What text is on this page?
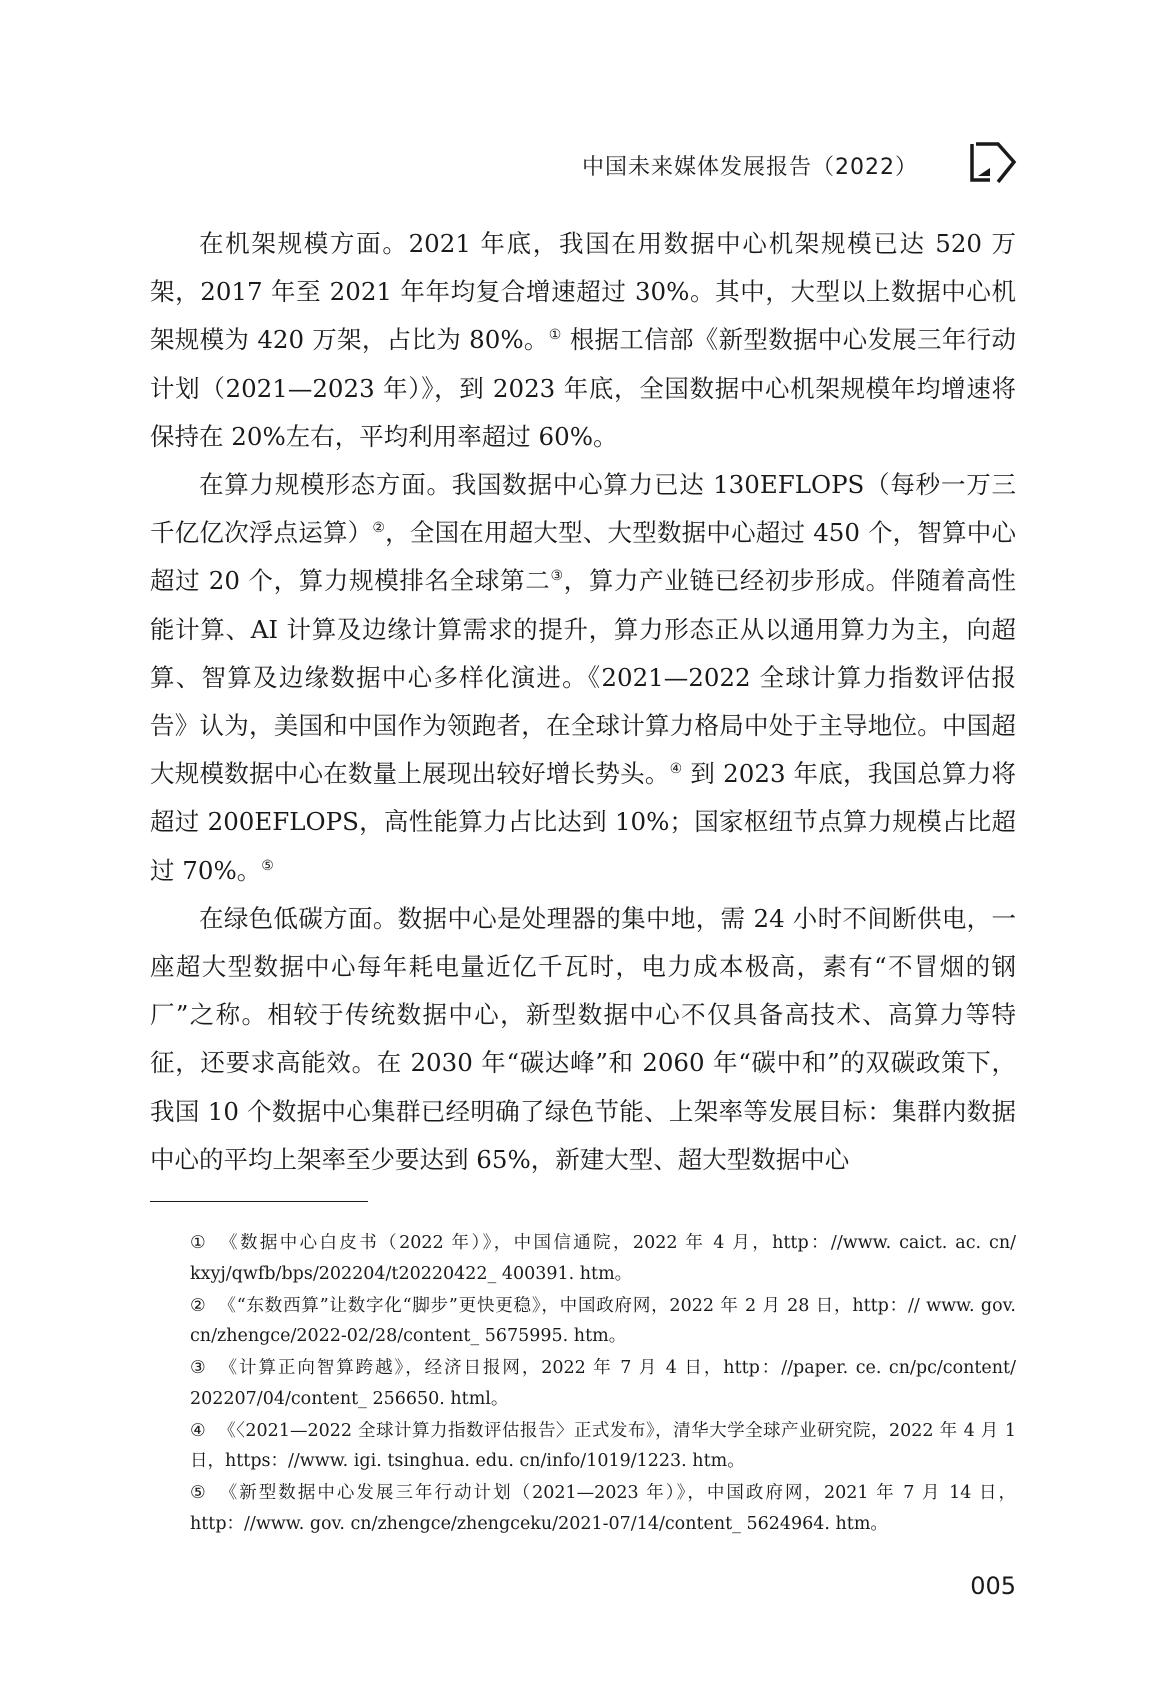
中国未来媒体发展报告（2022）

在机架规模方面。2021 年底，我国在用数据中心机架规模已达 520 万架，2017 年至 2021 年年均复合增速超过 30%。其中，大型以上数据中心机架规模为 420 万架，占比为 80%。① 根据工信部《新型数据中心发展三年行动计划（2021—2023 年）》，到 2023 年底，全国数据中心机架规模年均增速将保持在 20%左右，平均利用率超过 60%。

在算力规模形态方面。我国数据中心算力已达 130EFLOPS（每秒一万三千亿亿次浮点运算）②，全国在用超大型、大型数据中心超过 450 个，智算中心超过 20 个，算力规模排名全球第二③，算力产业链已经初步形成。伴随着高性能计算、AI 计算及边缘计算需求的提升，算力形态正从以通用算力为主，向超算、智算及边缘数据中心多样化演进。《2021—2022 全球计算力指数评估报告》认为，美国和中国作为领跑者，在全球计算力格局中处于主导地位。中国超大规模数据中心在数量上展现出较好增长势头。④ 到 2023 年底，我国总算力将超过 200EFLOPS，高性能算力占比达到 10%；国家枢纽节点算力规模占比超过 70%。⑤

在绿色低碳方面。数据中心是处理器的集中地，需 24 小时不间断供电，一座超大型数据中心每年耗电量近亿千瓦时，电力成本极高，素有“不冒烟的钢厂”之称。相较于传统数据中心，新型数据中心不仅具备高技术、高算力等特征，还要求高能效。在 2030 年“碳达峰”和 2060 年“碳中和”的双碳政策下，我国 10 个数据中心集群已经明确了绿色节能、上架率等发展目标：集群内数据中心的平均上架率至少要达到 65%，新建大型、超大型数据中心

① 《数据中心白皮书（2022 年）》，中国信通院，2022 年 4 月，http：//www. caict. ac. cn/ kxyj/qwfb/bps/202204/t20220422_ 400391. htm。
② 《“东数西算”让数字化“脚步”更快更稳》，中国政府网，2022 年 2 月 28 日，http：// www. gov. cn/zhengce/2022-02/28/content_ 5675995. htm。
③ 《计算正向智算跨越》，经济日报网，2022 年 7 月 4 日，http：//paper. ce. cn/pc/content/ 202207/04/content_ 256650. html。
④ 《〈2021—2022 全球计算力指数评估报告〉正式发布》，清华大学全球产业研究院，2022 年 4 月 1 日，https：//www. igi. tsinghua. edu. cn/info/1019/1223. htm。
⑤ 《新型数据中心发展三年行动计划（2021—2023 年）》，中国政府网，2021 年 7 月 14 日，http：//www. gov. cn/zhengce/zhengceku/2021-07/14/content_ 5624964. htm。
005
